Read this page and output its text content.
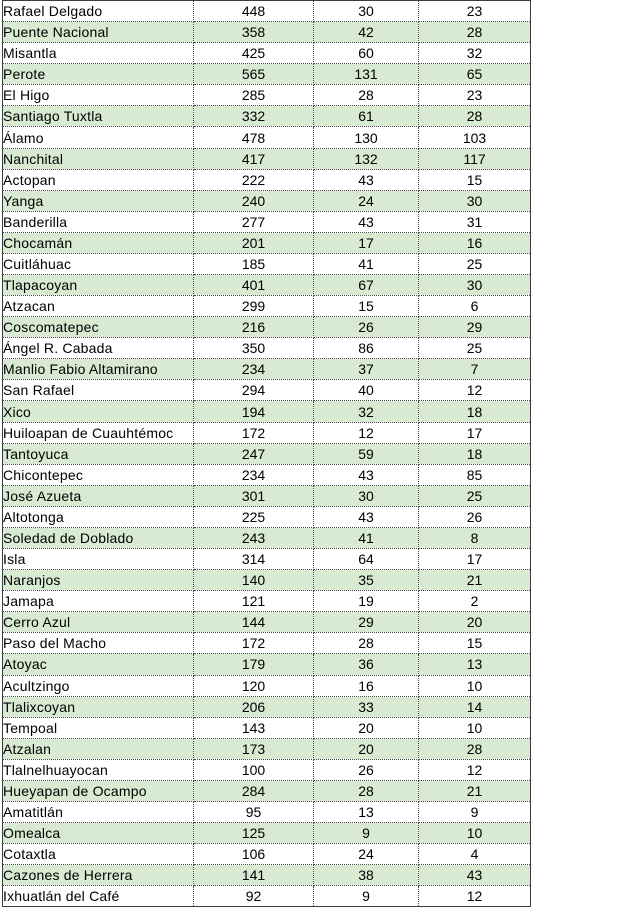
Rafael Delgado	448	30	23
Puente Nacional	358	42	28
Misantla	425	60	32
Perote	565	131	65
El Higo	285	28	23
Santiago Tuxtla	332	61	28
Álamo	478	130	103
Nanchital	417	132	117
Actopan	222	43	15
Yanga	240	24	30
Banderilla	277	43	31
Chocamán	201	17	16
Cuitláhuac	185	41	25
Tlapacoyan	401	67	30
Atzacan	299	15	6
Coscomatepec	216	26	29
Ángel R. Cabada	350	86	25
Manlio Fabio Altamirano	234	37	7
San Rafael	294	40	12
Xico	194	32	18
Huiloapan de Cuauhtémoc	172	12	17
Tantoyuca	247	59	18
Chicontepec	234	43	85
José Azueta	301	30	25
Altotonga	225	43	26
Soledad de Doblado	243	41	8
Isla	314	64	17
Naranjos	140	35	21
Jamapa	121	19	2
Cerro Azul	144	29	20
Paso del Macho	172	28	15
Atoyac	179	36	13
Acultzingo	120	16	10
Tlalixcoyan	206	33	14
Tempoal	143	20	10
Atzalan	173	20	28
Tlalnelhuayocan	100	26	12
Hueyapan de Ocampo	284	28	21
Amatitlán	95	13	9
Omealca	125	9	10
Cotaxtla	106	24	4
Cazones de Herrera	141	38	43
Ixhuatlán del Café	92	9	12
